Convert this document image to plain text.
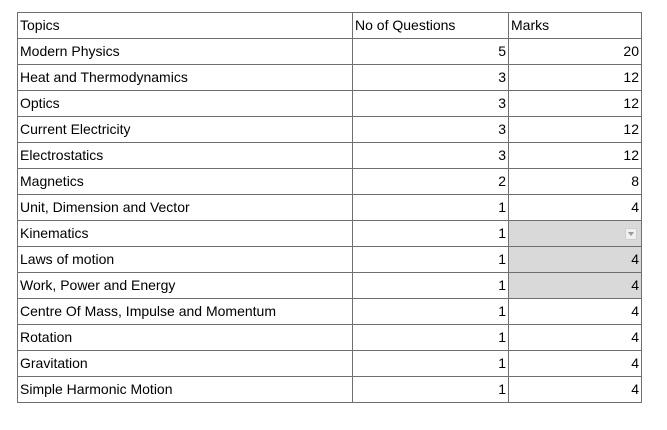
Topics	No of Questions	Marks
Modern Physics	5	20
Heat and Thermodynamics	3	12
Optics	3	12
Current Electricity	3	12
Electrostatics	3	12
Magnetics	2	8
Unit, Dimension and Vector	1	4
Kinematics	1	
Laws of motion	1	4
Work, Power and Energy	1	4
Centre Of Mass, Impulse and Momentum	1	4
Rotation	1	4
Gravitation	1	4
Simple Harmonic Motion	1	4
